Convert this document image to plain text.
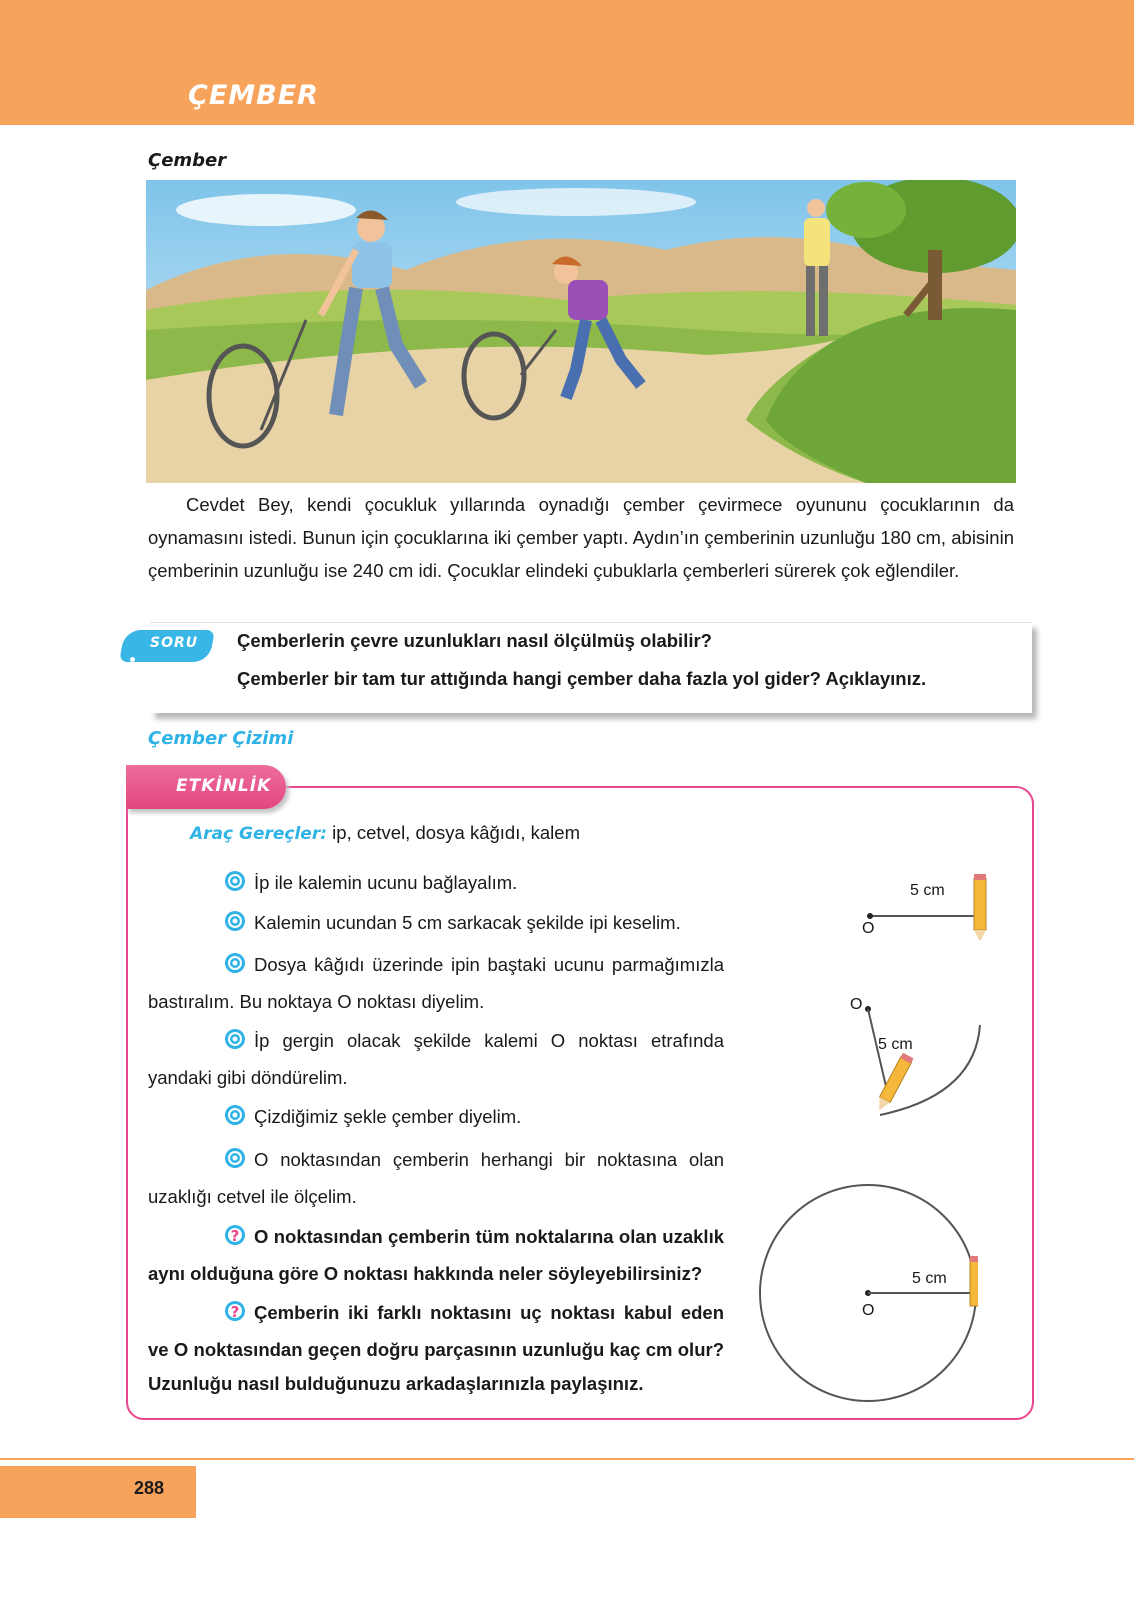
ÇEMBER
Çember

Cevdet Bey, kendi çocukluk yıllarında oynadığı çember çevirmece oyununu çocuklarının da oynamasını istedi. Bunun için çocuklarına iki çember yaptı. Aydın’ın çemberinin uzunluğu 180 cm, abisinin çemberinin uzunluğu ise 240 cm idi. Çocuklar elindeki çubuklarla çemberleri sürerek çok eğlendiler.

SORU Çemberlerin çevre uzunlukları nasıl ölçülmüş olabilir?
Çemberler bir tam tur attığında hangi çember daha fazla yol gider? Açıklayınız.
Çember Çizimi
ETKİNLİK
Araç Gereçler: ip, cetvel, dosya kâğıdı, kalem

İp ile kalemin ucunu bağlayalım.

Kalemin ucundan 5 cm sarkacak şekilde ipi keselim.

Dosya kâğıdı üzerinde ipin baştaki ucunu parmağımızla bastıralım. Bu noktaya O noktası diyelim.

İp gergin olacak şekilde kalemi O noktası etrafında yandaki gibi döndürelim.

Çizdiğimiz şekle çember diyelim.

O noktasından çemberin herhangi bir noktasına olan uzaklığı cetvel ile ölçelim.

? O noktasından çemberin tüm noktalarına olan uzaklık aynı olduğuna göre O noktası hakkında neler söyleyebilirsiniz?

? Çemberin iki farklı noktasını uç noktası kabul eden ve O noktasından geçen doğru parçasının uzunluğu kaç cm olur? Uzunluğu nasıl bulduğunuzu arkadaşlarınızla paylaşınız.

5 cm
O
O
5 cm
5 cm
O
288
